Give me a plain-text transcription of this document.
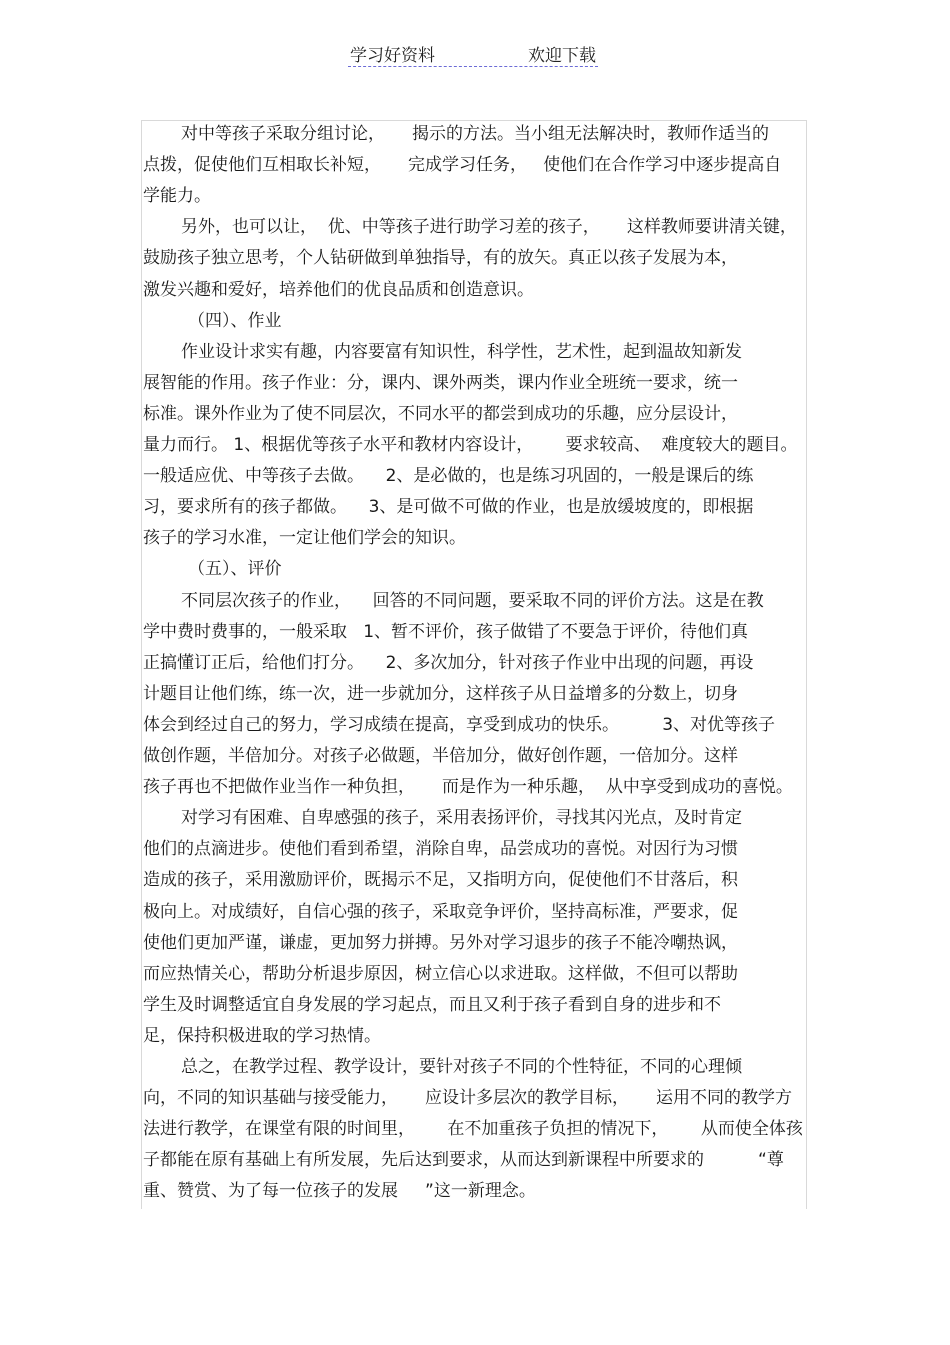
学习好资料	欢迎下载
对中等孩子采取分组讨论，     揭示的方法。当小组无法解决时，教师作适当的
点拨，促使他们互相取长补短，     完成学习任务，   使他们在合作学习中逐步提高自
学能力。
另外，也可以让，  优、中等孩子进行助学习差的孩子，     这样教师要讲清关键，
鼓励孩子独立思考，个人钻研做到单独指导，有的放矢。真正以孩子发展为本，
激发兴趣和爱好，培养他们的优良品质和创造意识。
（四）、作业
作业设计求实有趣，内容要富有知识性，科学性，艺术性，起到温故知新发
展智能的作用。孩子作业：分，课内、课外两类，课内作业全班统一要求，统一
标准。课外作业为了使不同层次，不同水平的都尝到成功的乐趣，应分层设计，
量力而行。 1、根据优等孩子水平和教材内容设计，      要求较高、  难度较大的题目。
一般适应优、中等孩子去做。    2、是必做的，也是练习巩固的，一般是课后的练
习，要求所有的孩子都做。    3、是可做不可做的作业，也是放缓坡度的，即根据
孩子的学习水准，一定让他们学会的知识。
（五）、评价
不同层次孩子的作业，    回答的不同问题，要采取不同的评价方法。这是在教
学中费时费事的，一般采取   1、暂不评价，孩子做错了不要急于评价，待他们真
正搞懂订正后，给他们打分。    2、多次加分，针对孩子作业中出现的问题，再设
计题目让他们练，练一次，进一步就加分，这样孩子从日益增多的分数上，切身
体会到经过自己的努力，学习成绩在提高，享受到成功的快乐。        3、对优等孩子
做创作题，半倍加分。对孩子必做题，半倍加分，做好创作题，一倍加分。这样
孩子再也不把做作业当作一种负担，     而是作为一种乐趣，  从中享受到成功的喜悦。
对学习有困难、自卑感强的孩子，采用表扬评价，寻找其闪光点，及时肯定
他们的点滴进步。使他们看到希望，消除自卑，品尝成功的喜悦。对因行为习惯
造成的孩子，采用激励评价，既揭示不足，又指明方向，促使他们不甘落后，积
极向上。对成绩好，自信心强的孩子，采取竞争评价，坚持高标准，严要求，促
使他们更加严谨，谦虚，更加努力拼搏。另外对学习退步的孩子不能冷嘲热讽，
而应热情关心，帮助分析退步原因，树立信心以求进取。这样做，不但可以帮助
学生及时调整适宜自身发展的学习起点，而且又利于孩子看到自身的进步和不
足，保持积极进取的学习热情。
总之，在教学过程、教学设计，要针对孩子不同的个性特征，不同的心理倾
向，不同的知识基础与接受能力，     应设计多层次的教学目标，     运用不同的教学方
法进行教学，在课堂有限的时间里，      在不加重孩子负担的情况下，      从而使全体孩
子都能在原有基础上有所发展，先后达到要求，从而达到新课程中所要求的          “尊
重、赞赏、为了每一位孩子的发展     ”这一新理念。
